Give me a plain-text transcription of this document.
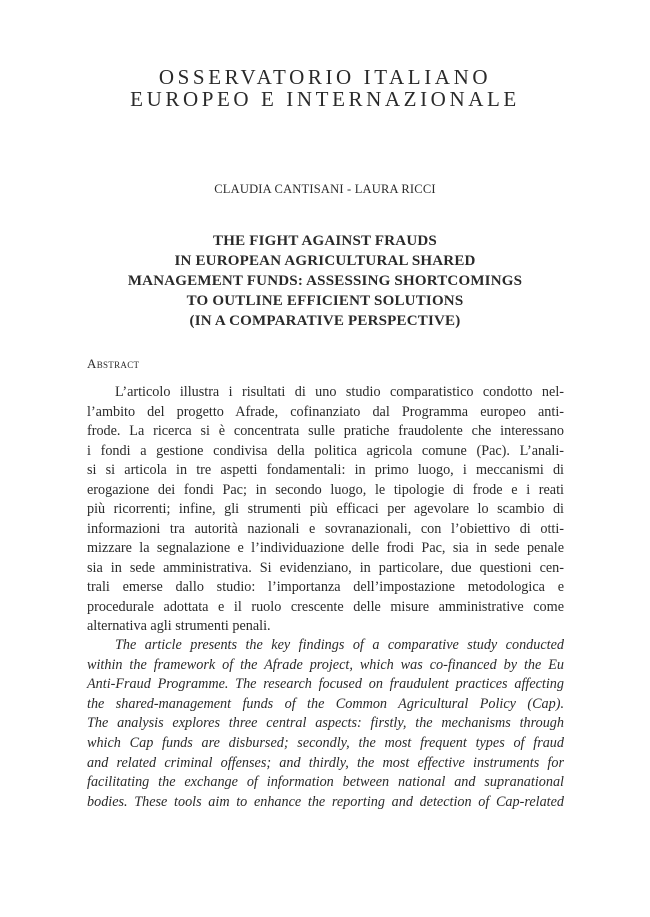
OSSERVATORIO ITALIANO
EUROPEO E INTERNAZIONALE
CLAUDIA CANTISANI - LAURA RICCI
THE FIGHT AGAINST FRAUDS
IN EUROPEAN AGRICULTURAL SHARED
MANAGEMENT FUNDS: ASSESSING SHORTCOMINGS
TO OUTLINE EFFICIENT SOLUTIONS
(IN A COMPARATIVE PERSPECTIVE)
Abstract
L’articolo illustra i risultati di uno studio comparatistico condotto nel-
l’ambito del progetto Afrade, cofinanziato dal Programma europeo anti-
frode. La ricerca si è concentrata sulle pratiche fraudolente che interessano
i fondi a gestione condivisa della politica agricola comune (Pac). L’anali-
si si articola in tre aspetti fondamentali: in primo luogo, i meccanismi di
erogazione dei fondi Pac; in secondo luogo, le tipologie di frode e i reati
più ricorrenti; infine, gli strumenti più efficaci per agevolare lo scambio di
informazioni tra autorità nazionali e sovranazionali, con l’obiettivo di otti-
mizzare la segnalazione e l’individuazione delle frodi Pac, sia in sede penale
sia in sede amministrativa. Si evidenziano, in particolare, due questioni cen-
trali emerse dallo studio: l’importanza dell’impostazione metodologica e
procedurale adottata e il ruolo crescente delle misure amministrative come
alternativa agli strumenti penali.
The article presents the key findings of a comparative study conducted
within the framework of the Afrade project, which was co-financed by the Eu
Anti-Fraud Programme. The research focused on fraudulent practices affecting
the shared-management funds of the Common Agricultural Policy (Cap).
The analysis explores three central aspects: firstly, the mechanisms through
which Cap funds are disbursed; secondly, the most frequent types of fraud
and related criminal offenses; and thirdly, the most effective instruments for
facilitating the exchange of information between national and supranational
bodies. These tools aim to enhance the reporting and detection of Cap-related
